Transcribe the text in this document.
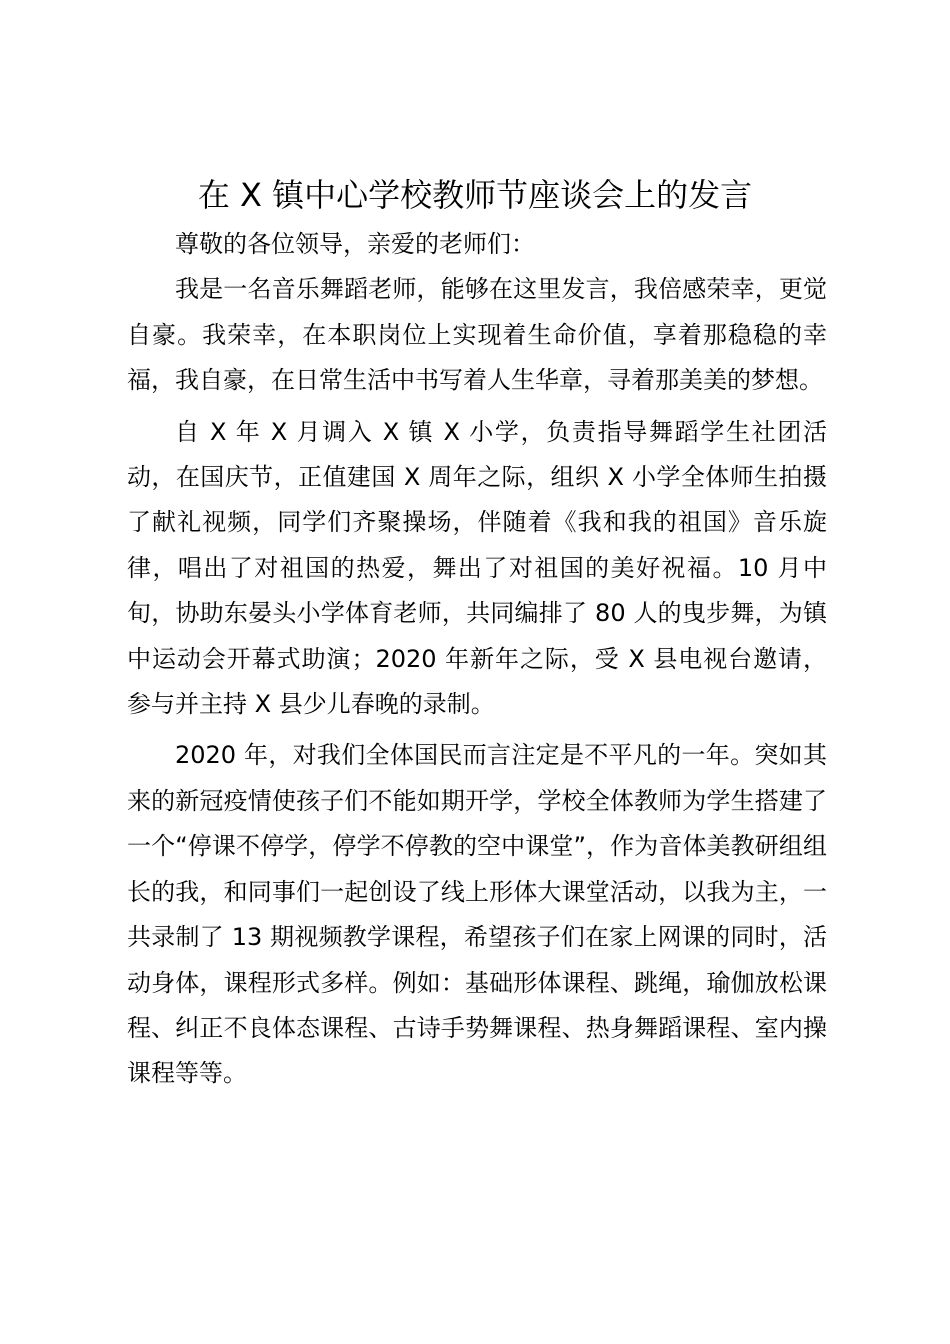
在 X 镇中心学校教师节座谈会上的发言

尊敬的各位领导，亲爱的老师们：

我是一名音乐舞蹈老师，能够在这里发言，我倍感荣幸，更觉自豪。我荣幸，在本职岗位上实现着生命价值，享着那稳稳的幸福，我自豪，在日常生活中书写着人生华章，寻着那美美的梦想。

自 X 年 X 月调入 X 镇 X 小学，负责指导舞蹈学生社团活动，在国庆节，正值建国 X 周年之际，组织 X 小学全体师生拍摄了献礼视频，同学们齐聚操场，伴随着《我和我的祖国》音乐旋律，唱出了对祖国的热爱，舞出了对祖国的美好祝福。10 月中旬，协助东晏头小学体育老师，共同编排了 80 人的曳步舞，为镇中运动会开幕式助演；2020 年新年之际，受 X 县电视台邀请，参与并主持 X 县少儿春晚的录制。

2020 年，对我们全体国民而言注定是不平凡的一年。突如其来的新冠疫情使孩子们不能如期开学，学校全体教师为学生搭建了一个“停课不停学，停学不停教的空中课堂”，作为音体美教研组组长的我，和同事们一起创设了线上形体大课堂活动，以我为主，一共录制了 13 期视频教学课程，希望孩子们在家上网课的同时，活动身体，课程形式多样。例如：基础形体课程、跳绳，瑜伽放松课程、纠正不良体态课程、古诗手势舞课程、热身舞蹈课程、室内操课程等等。
